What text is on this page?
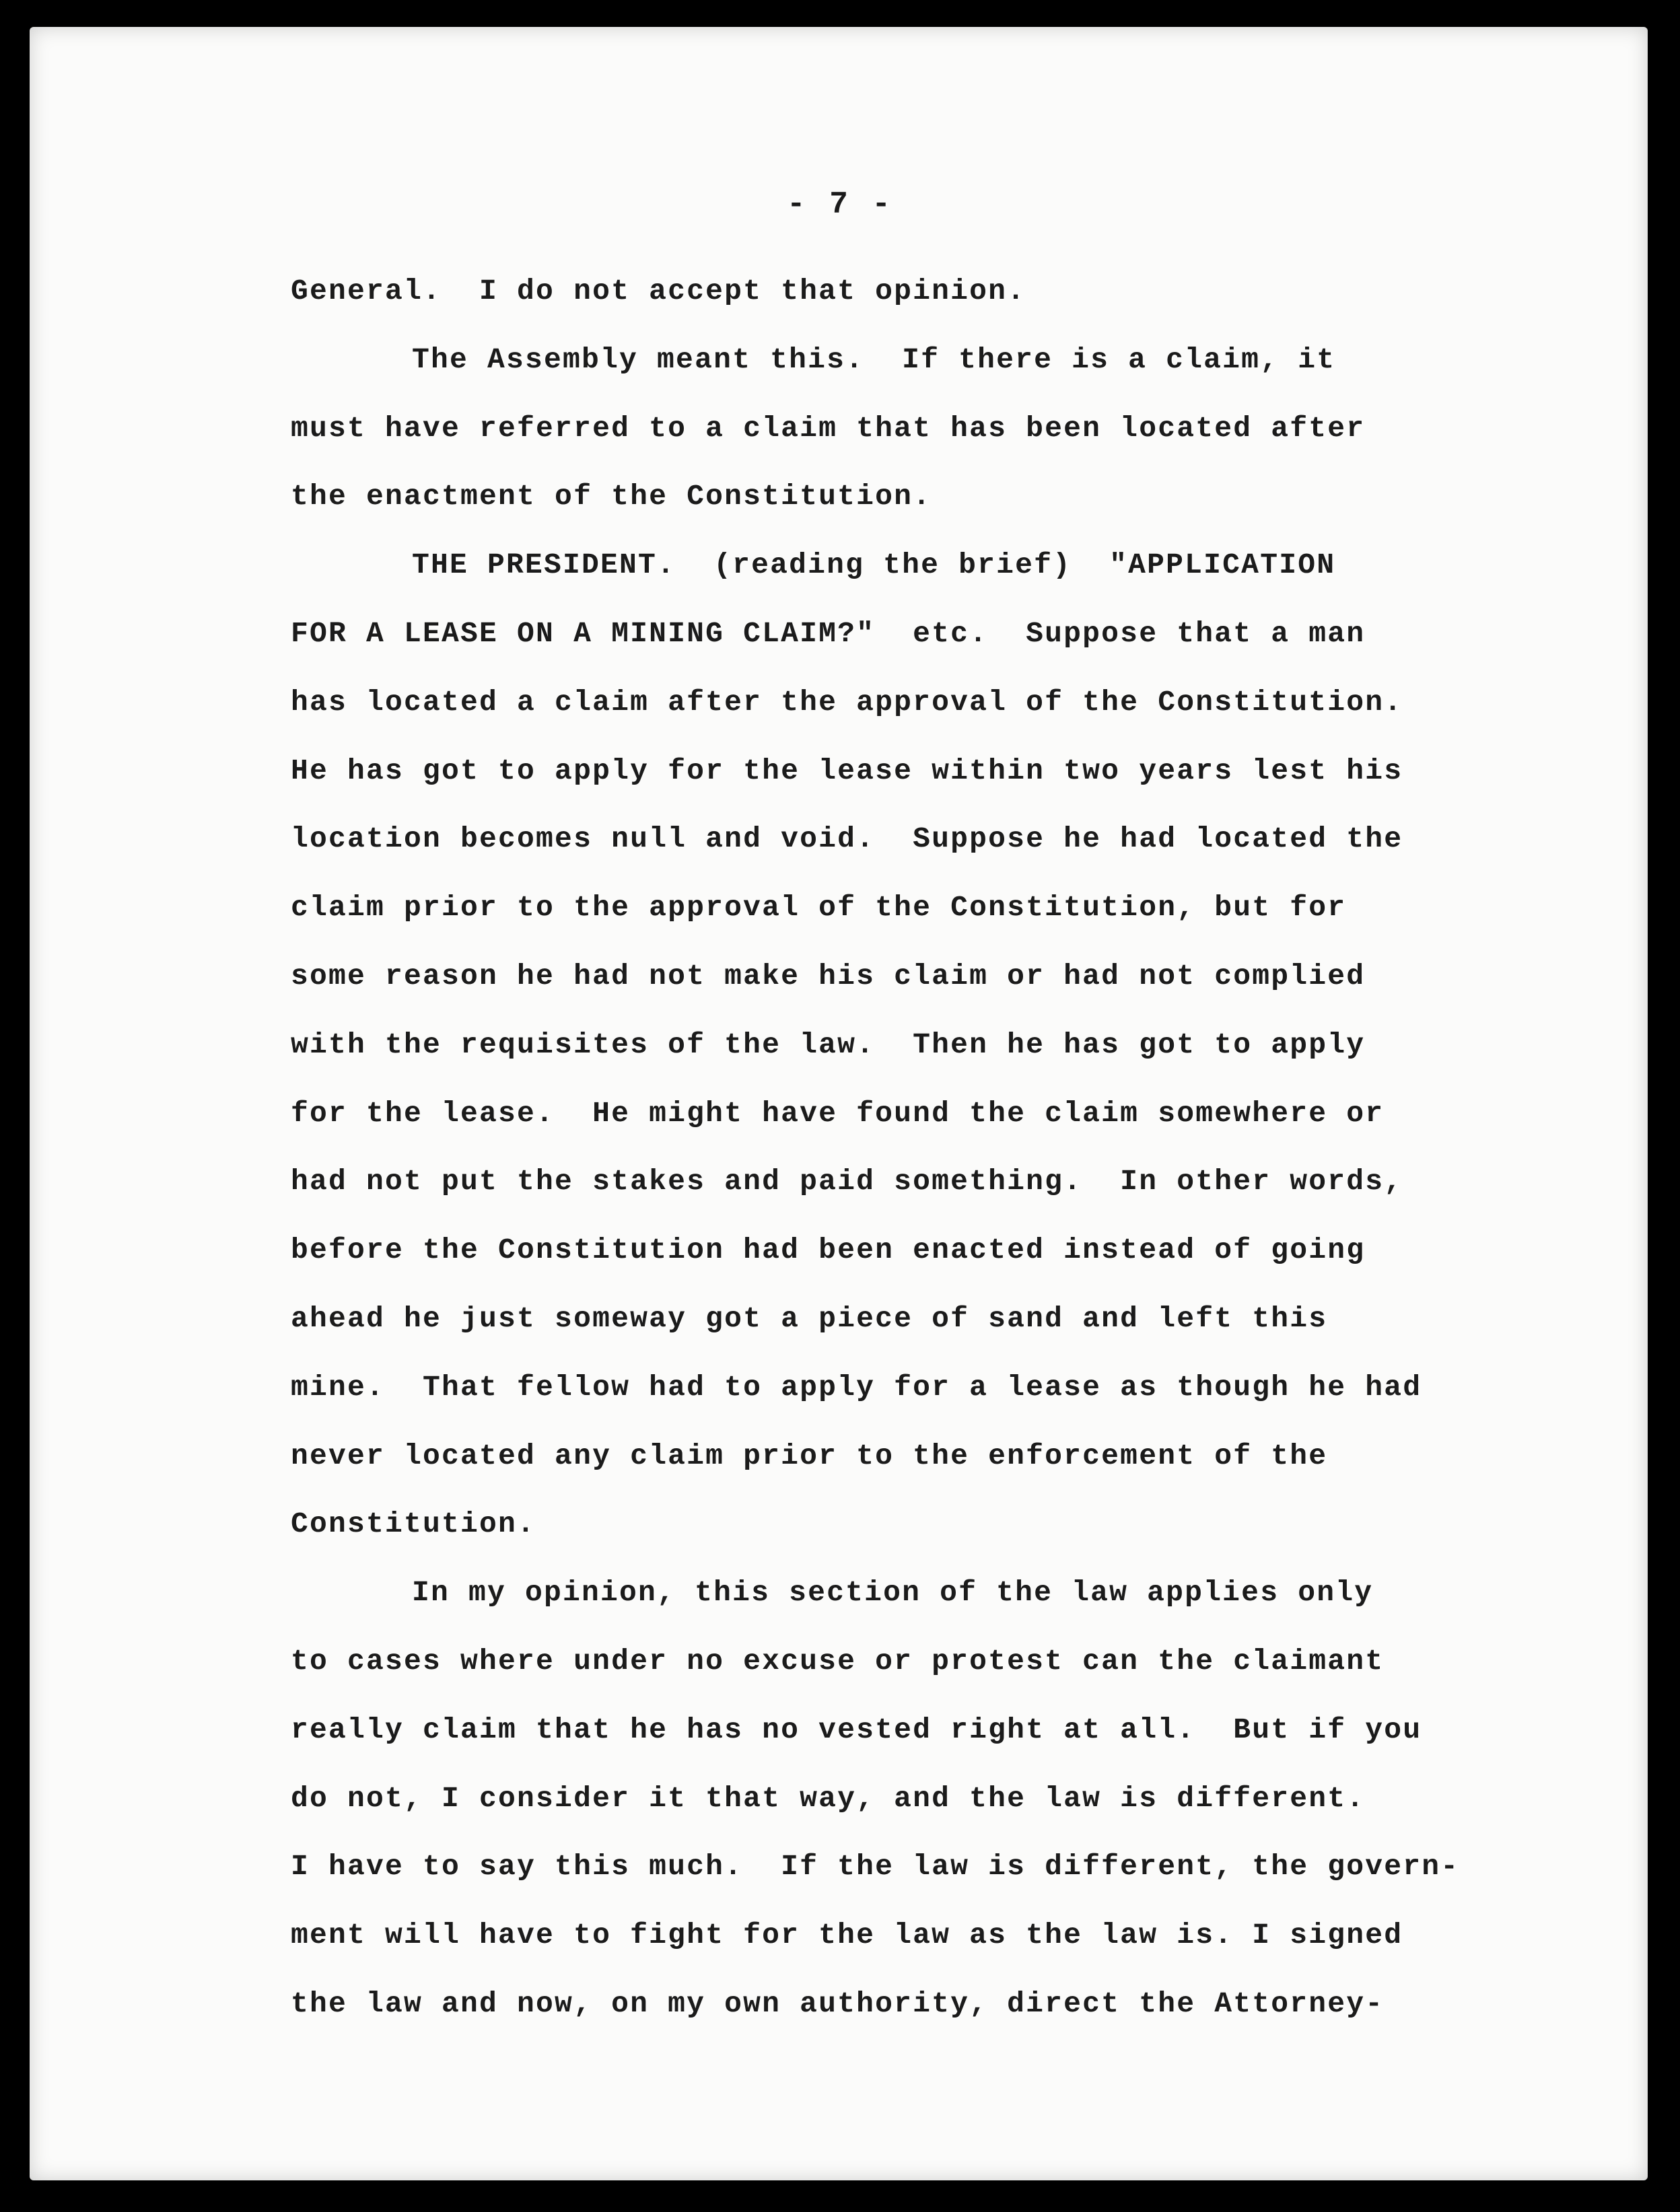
- 7 -
General.  I do not accept that opinion.
The Assembly meant this.  If there is a claim, it
must have referred to a claim that has been located after
the enactment of the Constitution.
THE PRESIDENT.  (reading the brief)  "APPLICATION
FOR A LEASE ON A MINING CLAIM?"  etc.  Suppose that a man
has located a claim after the approval of the Constitution.
He has got to apply for the lease within two years lest his
location becomes null and void.  Suppose he had located the
claim prior to the approval of the Constitution, but for
some reason he had not make his claim or had not complied
with the requisites of the law.  Then he has got to apply
for the lease.  He might have found the claim somewhere or
had not put the stakes and paid something.  In other words,
before the Constitution had been enacted instead of going
ahead he just someway got a piece of sand and left this
mine.  That fellow had to apply for a lease as though he had
never located any claim prior to the enforcement of the
Constitution.
In my opinion, this section of the law applies only
to cases where under no excuse or protest can the claimant
really claim that he has no vested right at all.  But if you
do not, I consider it that way, and the law is different.
I have to say this much.  If the law is different, the govern-
ment will have to fight for the law as the law is. I signed
the law and now, on my own authority, direct the Attorney-
